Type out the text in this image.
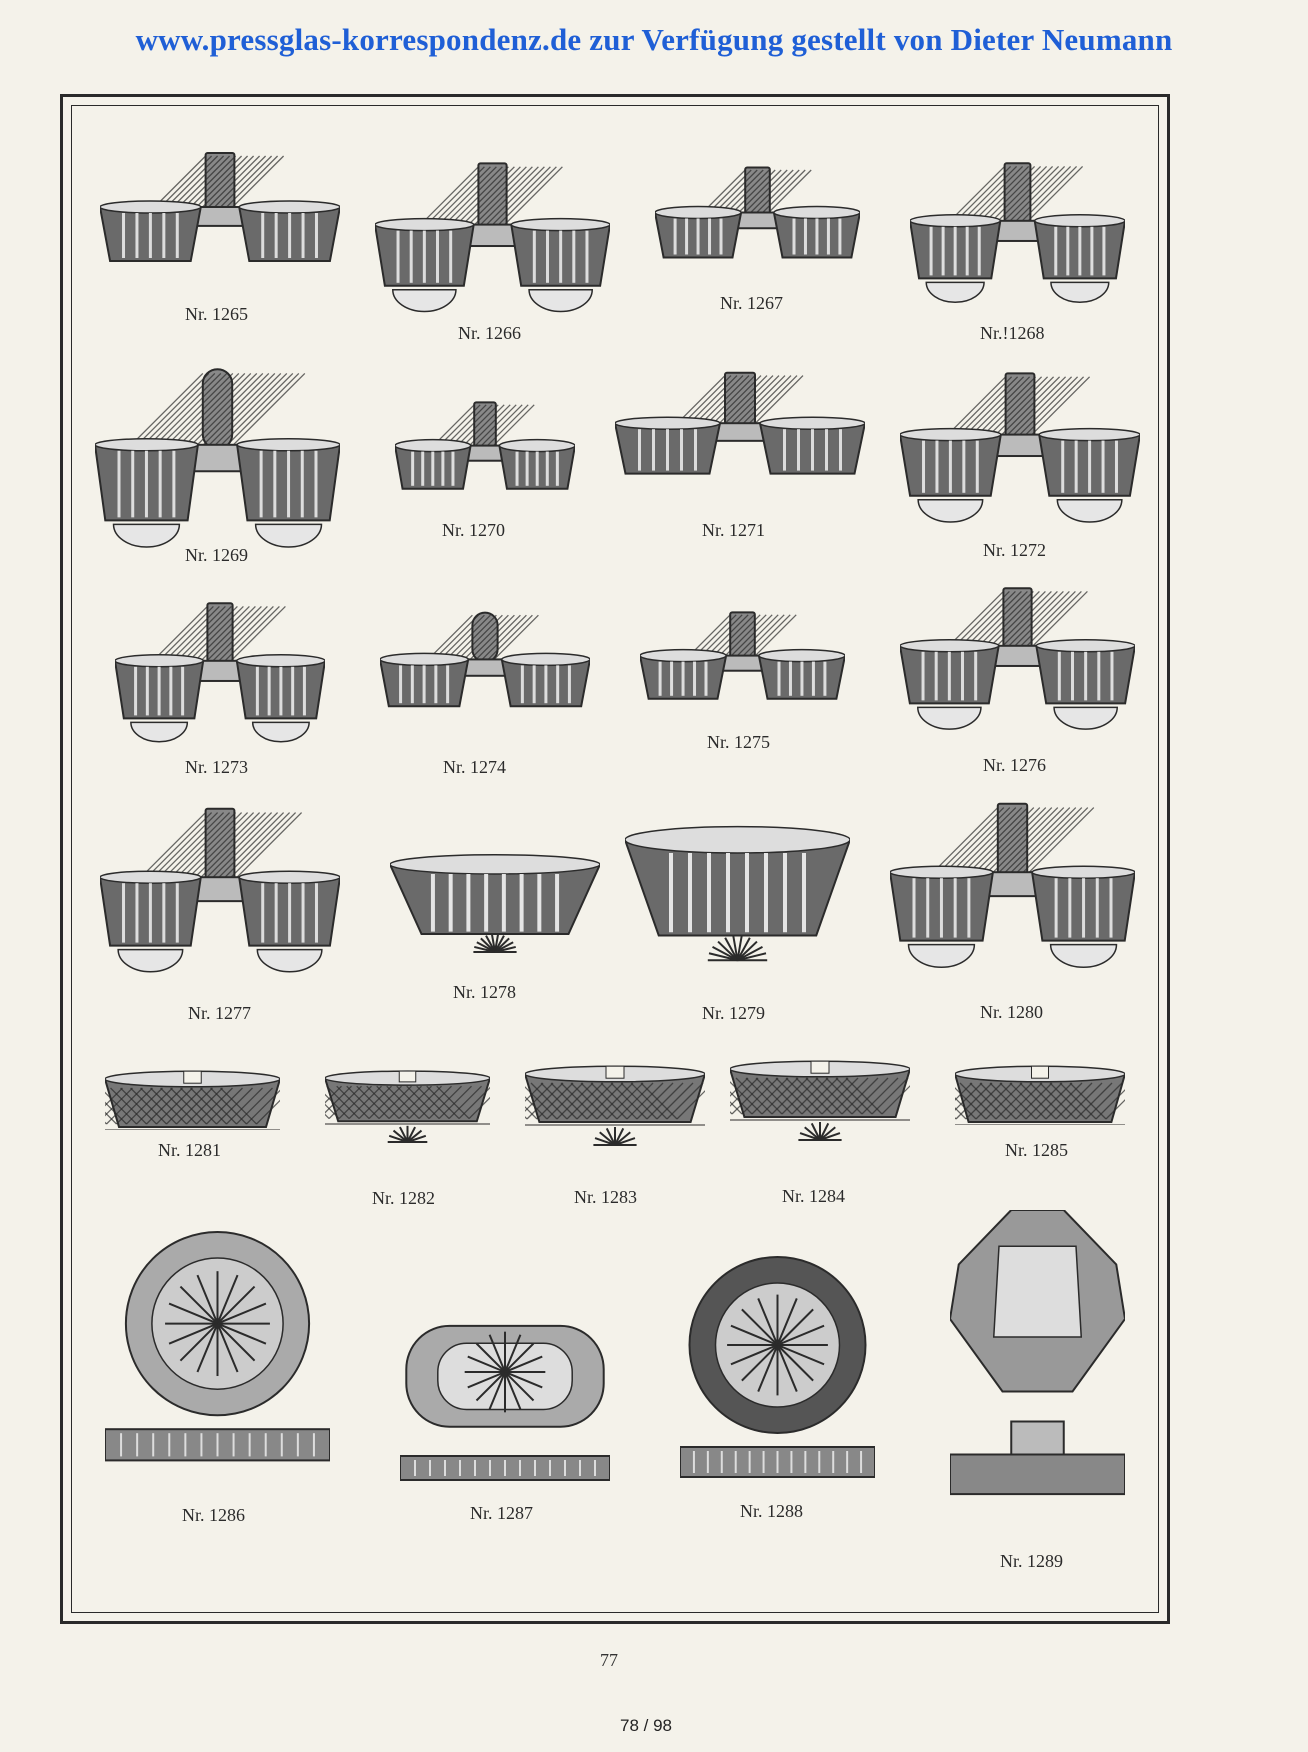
www.pressglas-korrespondenz.de zur Verfügung gestellt von Dieter Neumann
Nr. 1265
Nr. 1266
Nr. 1267
Nr.!1268
Nr. 1269
Nr. 1270	Nr. 1271
Nr. 1272
Nr. 1273	Nr. 1274
Nr. 1275
Nr. 1276
Nr. 1277
Nr. 1278
Nr. 1279	Nr. 1280
Nr. 1281
Nr. 1282	Nr. 1283	Nr. 1284
Nr. 1285
Nr. 1286	Nr. 1287	Nr. 1288
Nr. 1289
77
78 / 98
